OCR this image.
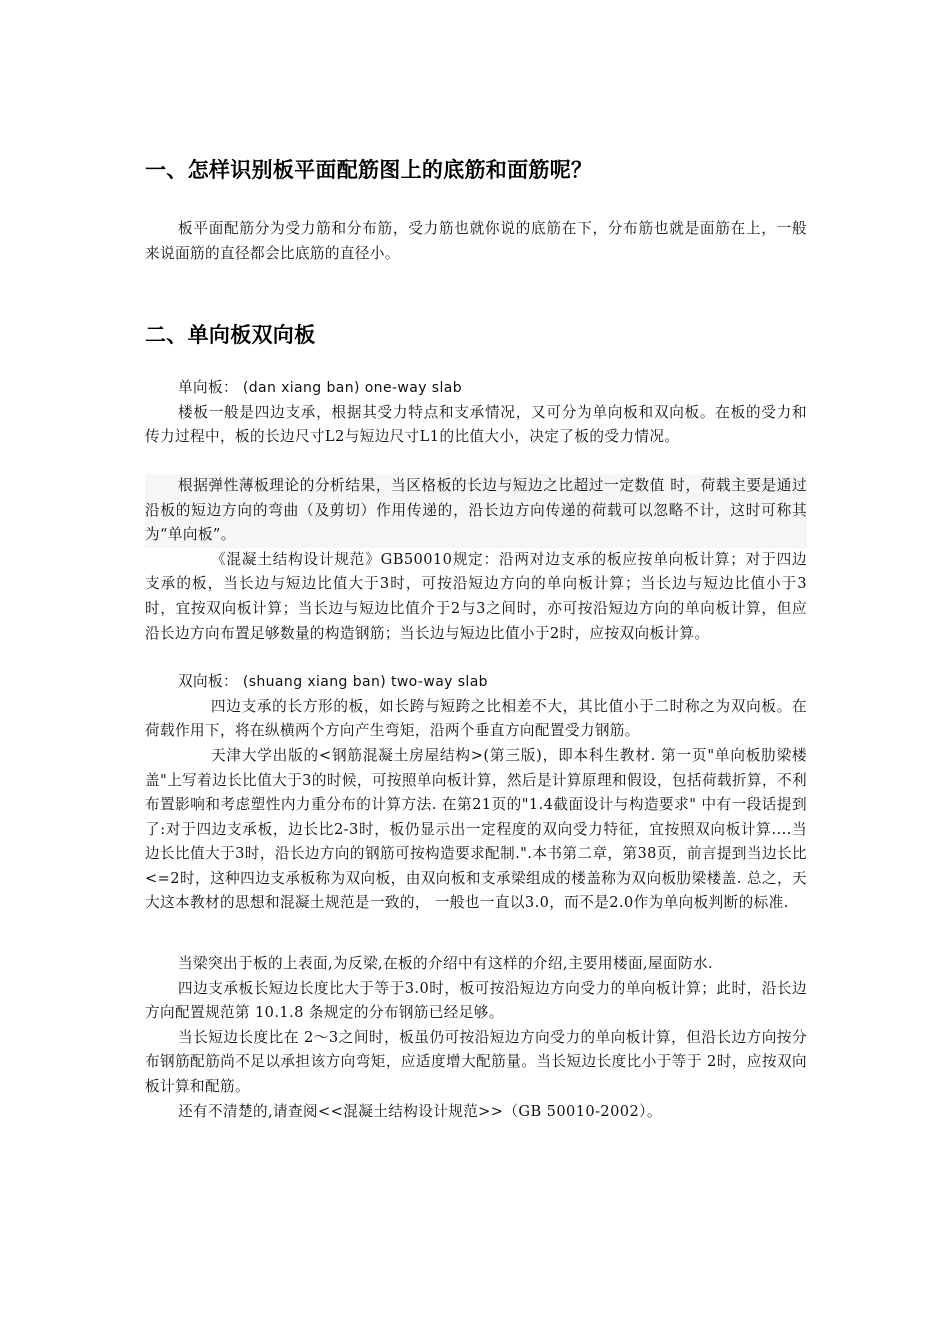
一、怎样识别板平面配筋图上的底筋和面筋呢？

板平面配筋分为受力筋和分布筋，受力筋也就你说的底筋在下，分布筋也就是面筋在上，一般来说面筋的直径都会比底筋的直径小。

二、单向板双向板

单向板： (dan xiang ban) one-way slab

楼板一般是四边支承，根据其受力特点和支承情况，又可分为单向板和双向板。在板的受力和传力过程中，板的长边尺寸L2与短边尺寸L1的比值大小，决定了板的受力情况。

根据弹性薄板理论的分析结果，当区格板的长边与短边之比超过一定数值 时，荷载主要是通过沿板的短边方向的弯曲（及剪切）作用传递的，沿长边方向传递的荷载可以忽略不计，这时可称其为“单向板”。

《混凝土结构设计规范》GB50010规定：沿两对边支承的板应按单向板计算；对于四边支承的板，当长边与短边比值大于3时，可按沿短边方向的单向板计算；当长边与短边比值小于3时，宜按双向板计算；当长边与短边比值介于2与3之间时，亦可按沿短边方向的单向板计算，但应沿长边方向布置足够数量的构造钢筋；当长边与短边比值小于2时，应按双向板计算。

双向板： (shuang xiang ban) two-way slab

四边支承的长方形的板，如长跨与短跨之比相差不大，其比值小于二时称之为双向板。在荷载作用下，将在纵横两个方向产生弯矩，沿两个垂直方向配置受力钢筋。

天津大学出版的<钢筋混凝土房屋结构>(第三版)，即本科生教材. 第一页"单向板肋梁楼盖"上写着边长比值大于3的时候，可按照单向板计算，然后是计算原理和假设，包括荷载折算，不利布置影响和考虑塑性内力重分布的计算方法. 在第21页的"1.4截面设计与构造要求" 中有一段话提到了:对于四边支承板，边长比2-3时，板仍显示出一定程度的双向受力特征，宜按照双向板计算....当边长比值大于3时，沿长边方向的钢筋可按构造要求配制.".本书第二章，第38页，前言提到当边长比<=2时，这种四边支承板称为双向板，由双向板和支承梁组成的楼盖称为双向板肋梁楼盖. 总之，天大这本教材的思想和混凝土规范是一致的， 一般也一直以3.0，而不是2.0作为单向板判断的标准.

当梁突出于板的上表面,为反梁,在板的介绍中有这样的介绍,主要用楼面,屋面防水.

四边支承板长短边长度比大于等于3.0时，板可按沿短边方向受力的单向板计算；此时，沿长边方向配置规范第 10.1.8 条规定的分布钢筋已经足够。

当长短边长度比在 2～3之间时，板虽仍可按沿短边方向受力的单向板计算，但沿长边方向按分布钢筋配筋尚不足以承担该方向弯矩，应适度增大配筋量。当长短边长度比小于等于 2时，应按双向板计算和配筋。

还有不清楚的,请查阅<<混凝土结构设计规范>>（GB 50010-2002）。
